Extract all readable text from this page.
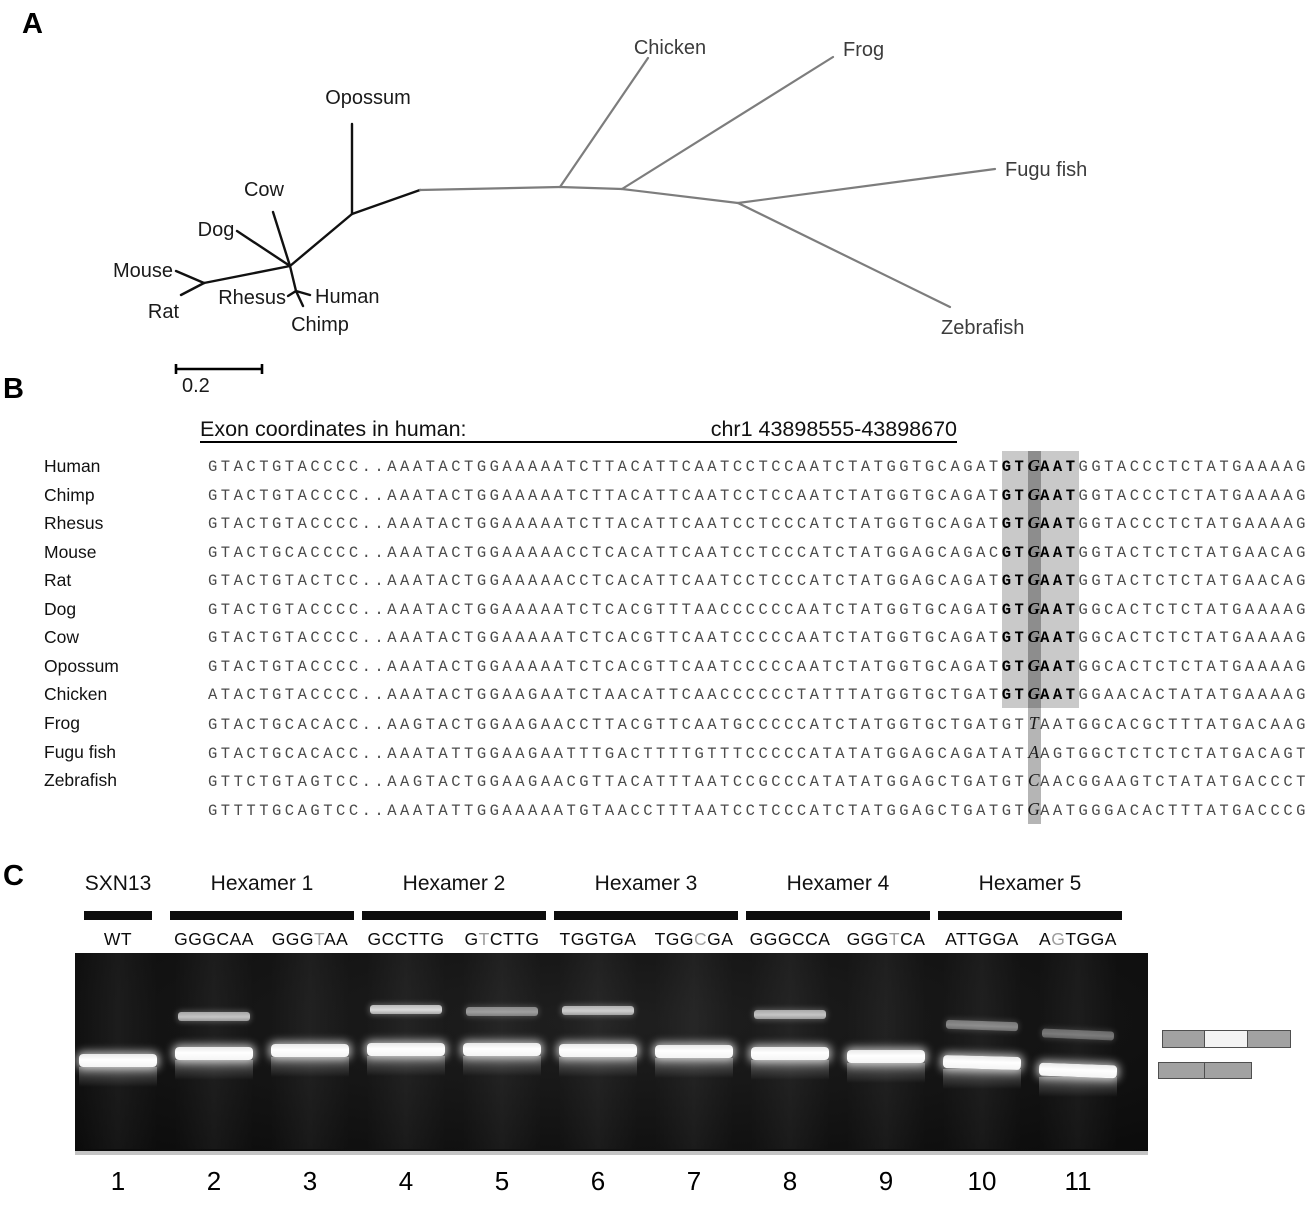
A
Chicken	Frog
Fugu fish
Zebrafish
Opossum
Cow
Dog
Mouse
Rat
Rhesus Human
Chimp
0.2
B
Exon coordinates in human:	chr1 43898555-43898670
Human	GTACTGTACCCC..AAATACTGGAAAAATCTTACATTCAATCCTCCAATCTATGGTGCAGATGTGAATGGTACCCTCTATGAAAAG
Chimp	GTACTGTACCCC..AAATACTGGAAAAATCTTACATTCAATCCTCCAATCTATGGTGCAGATGTGAATGGTACCCTCTATGAAAAG
Rhesus	GTACTGTACCCC..AAATACTGGAAAAATCTTACATTCAATCCTCCCATCTATGGTGCAGATGTGAATGGTACCCTCTATGAAAAG
Mouse	GTACTGCACCCC..AAATACTGGAAAAACCTCACATTCAATCCTCCCATCTATGGAGCAGACGTGAATGGTACTCTCTATGAACAG
Rat	GTACTGTACTCC..AAATACTGGAAAAACCTCACATTCAATCCTCCCATCTATGGAGCAGATGTGAATGGTACTCTCTATGAACAG
Dog	GTACTGTACCCC..AAATACTGGAAAAATCTCACGTTTAACCCCCCAATCTATGGTGCAGATGTGAATGGCACTCTCTATGAAAAG
Cow	GTACTGTACCCC..AAATACTGGAAAAATCTCACGTTCAATCCCCCAATCTATGGTGCAGATGTGAATGGCACTCTCTATGAAAAG
Opossum	GTACTGTACCCC..AAATACTGGAAAAATCTCACGTTCAATCCCCCAATCTATGGTGCAGATGTGAATGGCACTCTCTATGAAAAG
Chicken	ATACTGTACCCC..AAATACTGGAAGAATCTAACATTCAACCCCCCTATTTATGGTGCTGATGTGAATGGAACACTATATGAAAAG
Frog	GTACTGCACACC..AAGTACTGGAAGAACCTTACGTTCAATGCCCCCATCTATGGTGCTGATGTTAATGGCACGCTTTATGACAAG
Fugu fish	GTACTGCACACC..AAATATTGGAAGAATTTGACTTTTGTTTCCCCCATATATGGAGCAGATATAAGTGGCTCTCTCTATGACAGT
Zebrafish	GTTCTGTAGTCC..AAGTACTGGAAGAACGTTACATTTAATCCGCCCATATATGGAGCTGATGTCAACGGAAGTCTATATGACCCT
GTTTTGCAGTCC..AAATATTGGAAAAATGTAACCTTTAATCCTCCCATCTATGGAGCTGATGTGAATGGGACACTTTATGACCCG
C	SXN13	Hexamer 1	Hexamer 2	Hexamer 3	Hexamer 4	Hexamer 5
WT GGGCAA GGGTAA GCCTTG GTCTTG TGGTGA TGGCGA GGGCCA GGGTCA ATTGGA AGTGGA
1	2	3	4	5	6	7	8	9	10	11
